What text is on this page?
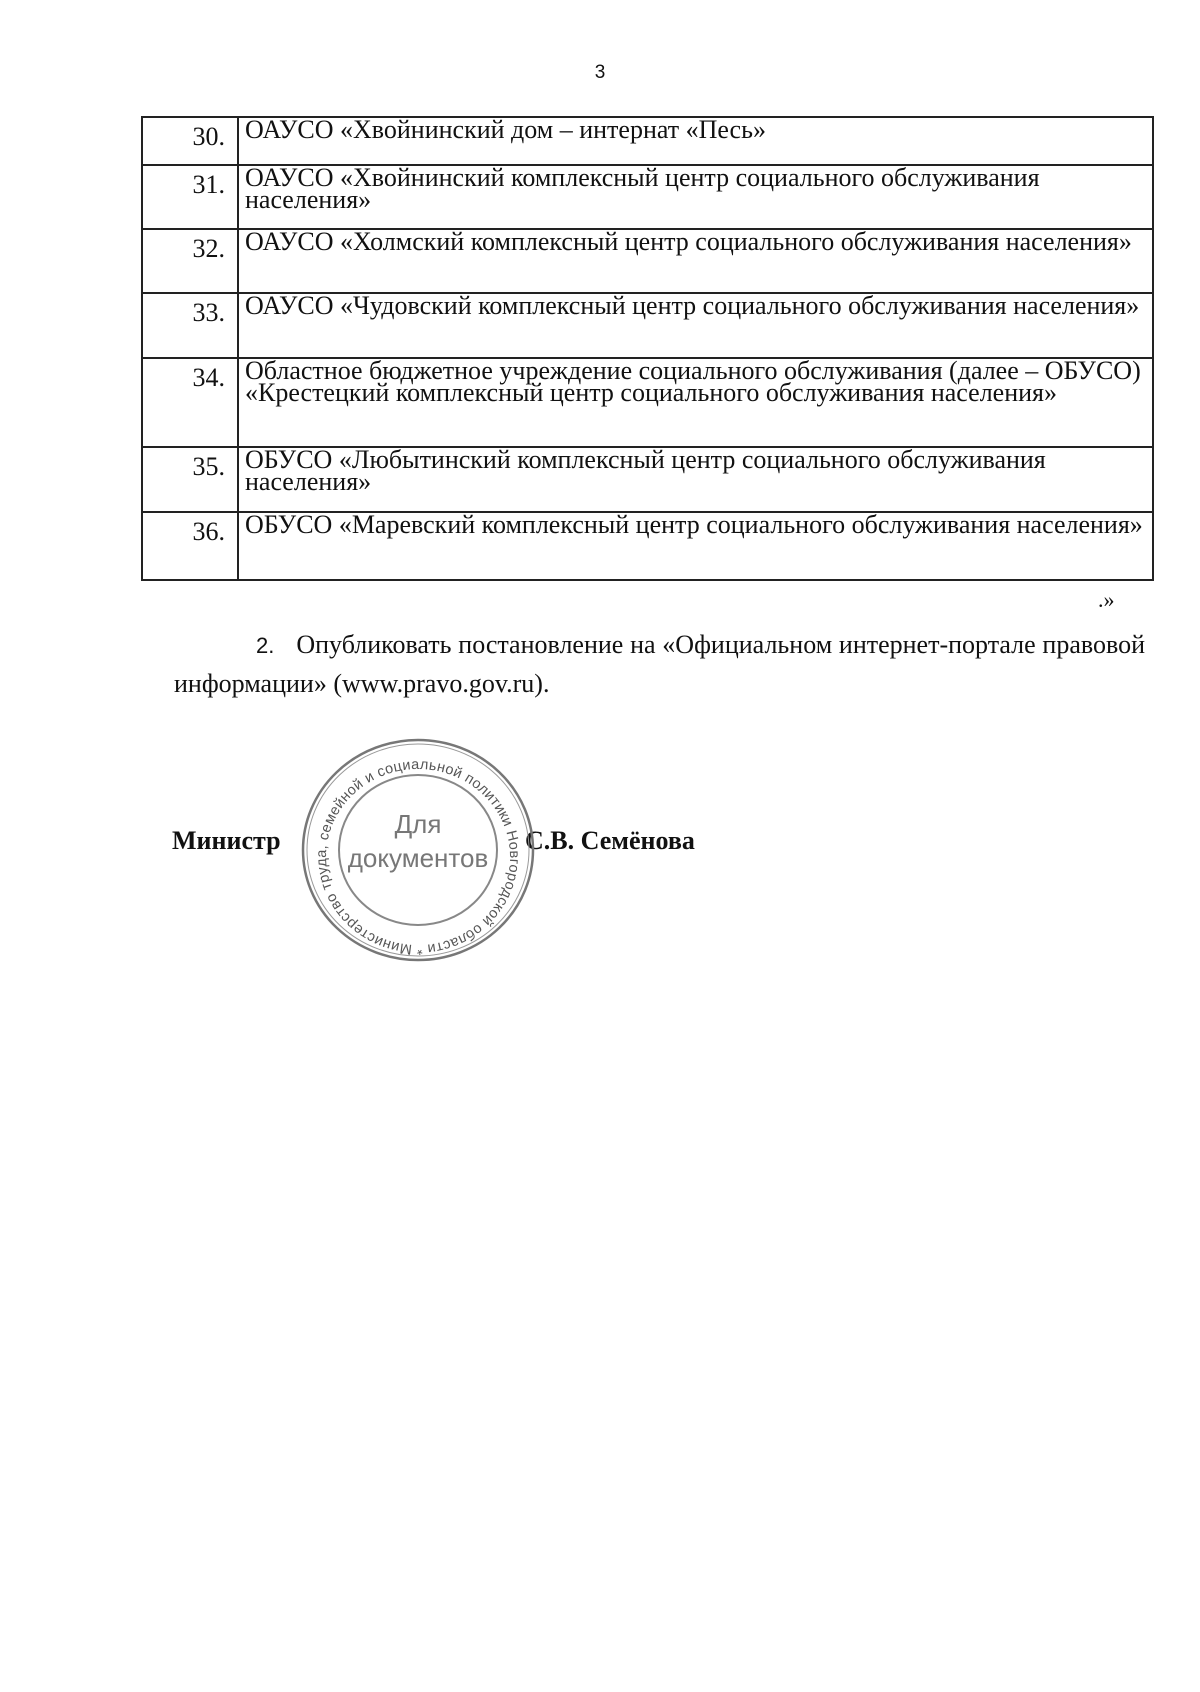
3
30.	ОАУСО «Хвойнинский дом – интернат «Песь»
31.	ОАУСО «Хвойнинский комплексный центр социального обслуживания населения»
32.	ОАУСО «Холмский комплексный центр социального обслуживания населения»
33.	ОАУСО «Чудовский комплексный центр социального обслуживания населения»
34.	Областное бюджетное учреждение социального обслуживания (далее – ОБУСО) «Крестецкий комплексный центр социального обслуживания населения»
35.	ОБУСО «Любытинский комплексный центр социального обслуживания населения»
36.	ОБУСО «Маревский комплексный центр социального обслуживания населения»
.»
2. Опубликовать постановление на «Официальном интернет-портале правовой информации» (www.pravo.gov.ru).
Министр	С.В. Семёнова
Министерство труда, семейной и социальной политики Новгородской области *
Для
документов
